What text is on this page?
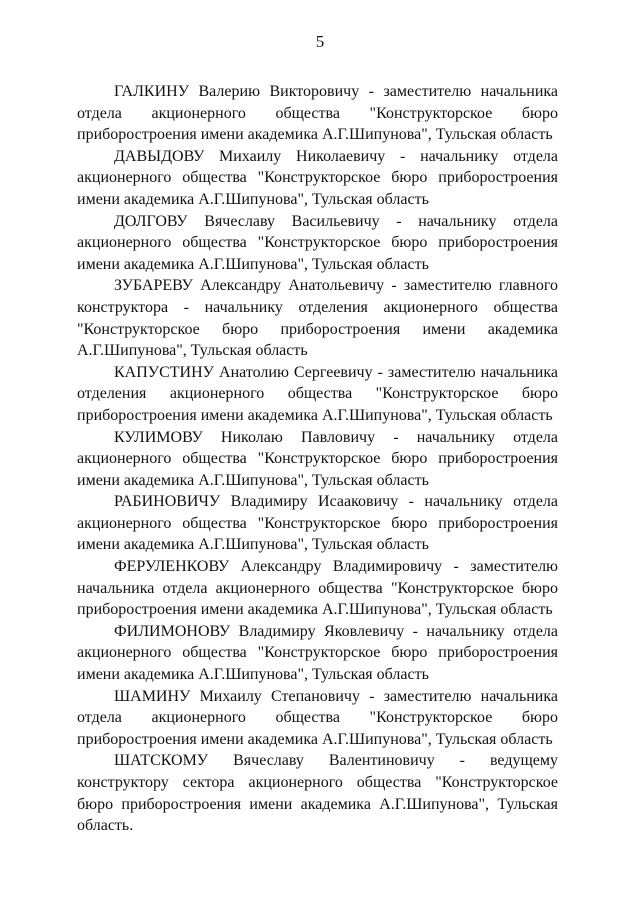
5

ГАЛКИНУ Валерию Викторовичу - заместителю начальника отдела акционерного общества "Конструкторское бюро приборостроения имени академика А.Г.Шипунова", Тульская область

ДАВЫДОВУ Михаилу Николаевичу - начальнику отдела акционерного общества "Конструкторское бюро приборостроения имени академика А.Г.Шипунова", Тульская область

ДОЛГОВУ Вячеславу Васильевичу - начальнику отдела акционерного общества "Конструкторское бюро приборостроения имени академика А.Г.Шипунова", Тульская область

ЗУБАРЕВУ Александру Анатольевичу - заместителю главного конструктора - начальнику отделения акционерного общества "Конструкторское бюро приборостроения имени академика А.Г.Шипунова", Тульская область

КАПУСТИНУ Анатолию Сергеевичу - заместителю начальника отделения акционерного общества "Конструкторское бюро приборостроения имени академика А.Г.Шипунова", Тульская область

КУЛИМОВУ Николаю Павловичу - начальнику отдела акционерного общества "Конструкторское бюро приборостроения имени академика А.Г.Шипунова", Тульская область

РАБИНОВИЧУ Владимиру Исааковичу - начальнику отдела акционерного общества "Конструкторское бюро приборостроения имени академика А.Г.Шипунова", Тульская область

ФЕРУЛЕНКОВУ Александру Владимировичу - заместителю начальника отдела акционерного общества "Конструкторское бюро приборостроения имени академика А.Г.Шипунова", Тульская область

ФИЛИМОНОВУ Владимиру Яковлевичу - начальнику отдела акционерного общества "Конструкторское бюро приборостроения имени академика А.Г.Шипунова", Тульская область

ШАМИНУ Михаилу Степановичу - заместителю начальника отдела акционерного общества "Конструкторское бюро приборостроения имени академика А.Г.Шипунова", Тульская область

ШАТСКОМУ Вячеславу Валентиновичу - ведущему конструктору сектора акционерного общества "Конструкторское бюро приборостроения имени академика А.Г.Шипунова", Тульская область.
